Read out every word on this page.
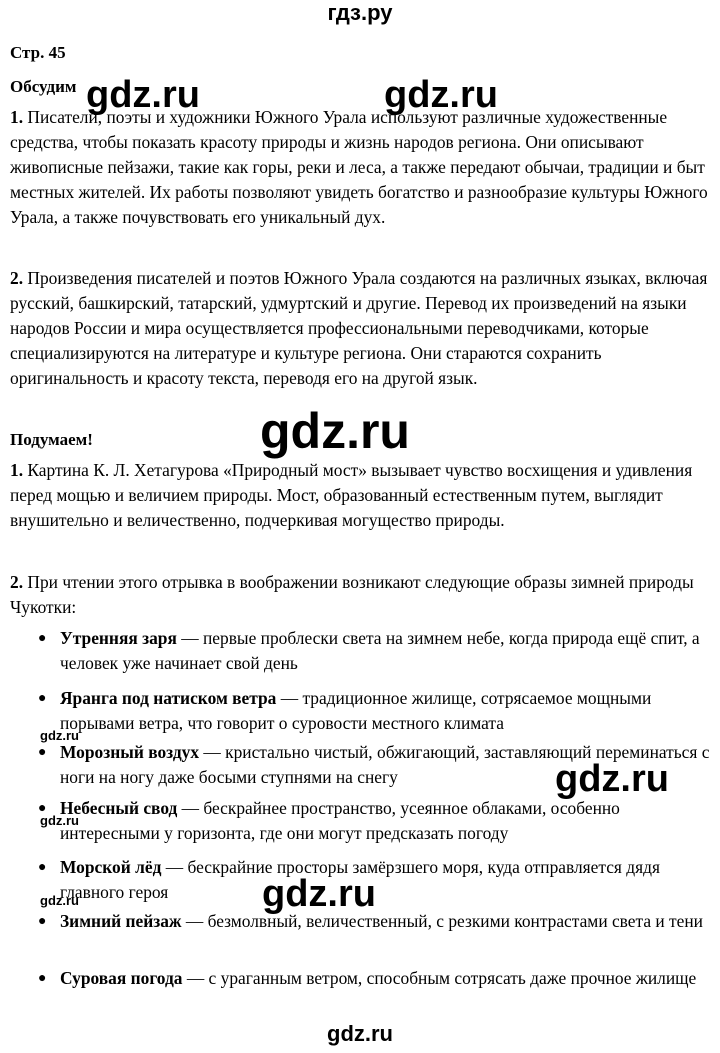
гдз.ру
Стр. 45
Обсудим
1. Писатели, поэты и художники Южного Урала используют различные художественные средства, чтобы показать красоту природы и жизнь народов региона. Они описывают живописные пейзажи, такие как горы, реки и леса, а также передают обычаи, традиции и быт местных жителей. Их работы позволяют увидеть богатство и разнообразие культуры Южного Урала, а также почувствовать его уникальный дух.
2. Произведения писателей и поэтов Южного Урала создаются на различных языках, включая русский, башкирский, татарский, удмуртский и другие. Перевод их произведений на языки народов России и мира осуществляется профессиональными переводчиками, которые специализируются на литературе и культуре региона. Они стараются сохранить оригинальность и красоту текста, переводя его на другой язык.
Подумаем!
1. Картина К. Л. Хетагурова «Природный мост» вызывает чувство восхищения и удивления перед мощью и величием природы. Мост, образованный естественным путем, выглядит внушительно и величественно, подчеркивая могущество природы.
2. При чтении этого отрывка в воображении возникают следующие образы зимней природы Чукотки:
● Утренняя заря — первые проблески света на зимнем небе, когда природа ещё спит, а человек уже начинает свой день
● Яранга под натиском ветра — традиционное жилище, сотрясаемое мощными порывами ветра, что говорит о суровости местного климата
● Морозный воздух — кристально чистый, обжигающий, заставляющий переминаться с ноги на ногу даже босыми ступнями на снегу
● Небесный свод — бескрайнее пространство, усеянное облаками, особенно интересными у горизонта, где они могут предсказать погоду
● Морской лёд — бескрайние просторы замёрзшего моря, куда отправляется дядя главного героя
● Зимний пейзаж — безмолвный, величественный, с резкими контрастами света и тени
● Суровая погода — с ураганным ветром, способным сотрясать даже прочное жилище
gdz.ru	gdz.ru
gdz.ru
gdz.ru
gdz.ru
gdz.ru
gdz.ru
gdz.ru
gdz.ru
